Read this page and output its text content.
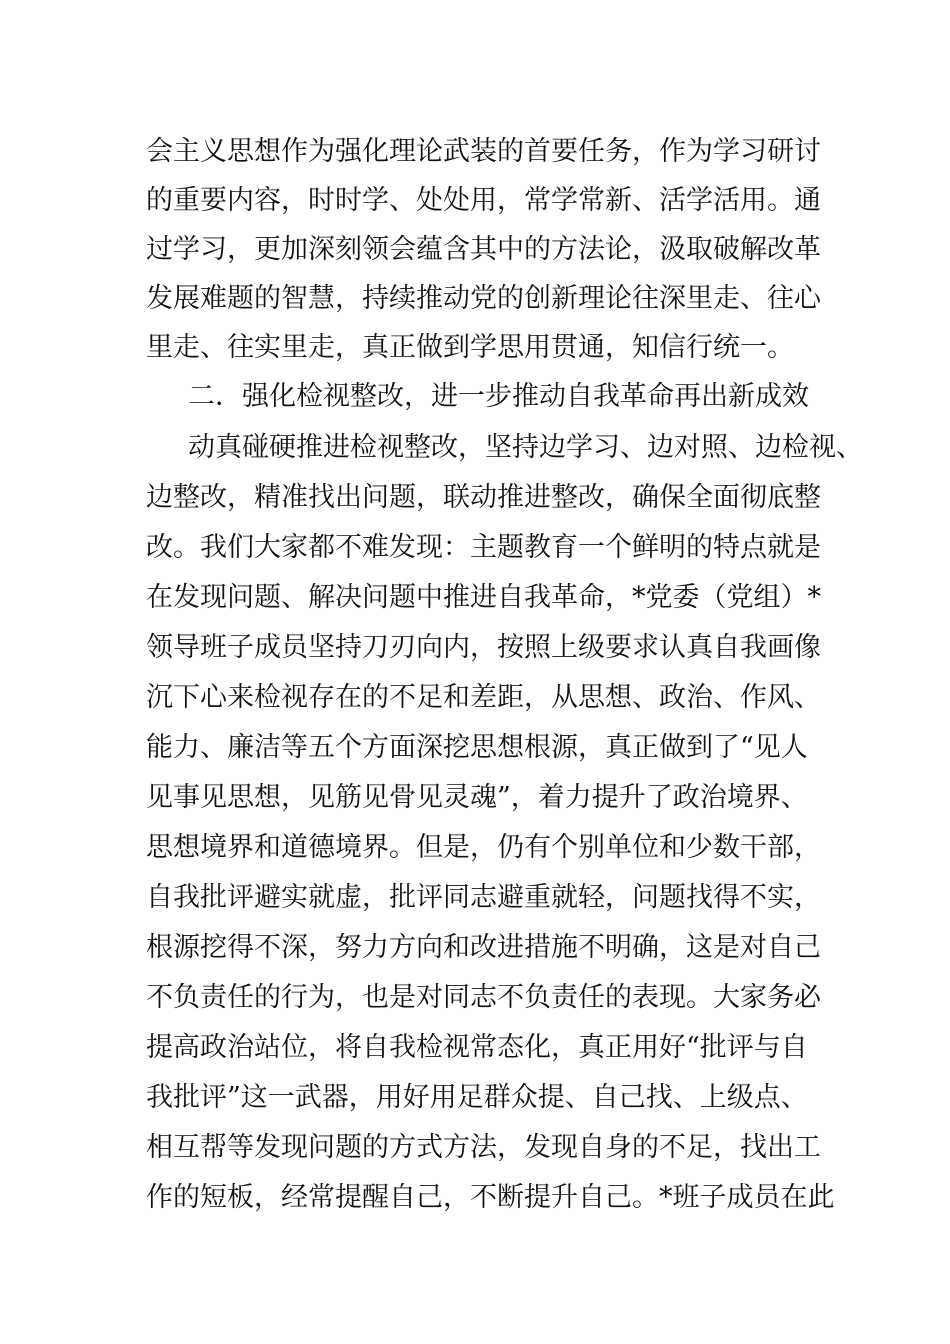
会主义思想作为强化理论武装的首要任务，作为学习研讨
的重要内容，时时学、处处用，常学常新、活学活用。通
过学习，更加深刻领会蕴含其中的方法论，汲取破解改革
发展难题的智慧，持续推动党的创新理论往深里走、往心
里走、往实里走，真正做到学思用贯通，知信行统一。
二．强化检视整改，进一步推动自我革命再出新成效
动真碰硬推进检视整改，坚持边学习、边对照、边检视、
边整改，精准找出问题，联动推进整改，确保全面彻底整
改。我们大家都不难发现：主题教育一个鲜明的特点就是
在发现问题、解决问题中推进自我革命，*党委（党组）*
领导班子成员坚持刀刃向内，按照上级要求认真自我画像
沉下心来检视存在的不足和差距，从思想、政治、作风、
能力、廉洁等五个方面深挖思想根源，真正做到了“见人
见事见思想，见筋见骨见灵魂”，着力提升了政治境界、
思想境界和道德境界。但是，仍有个别单位和少数干部，
自我批评避实就虚，批评同志避重就轻，问题找得不实，
根源挖得不深，努力方向和改进措施不明确，这是对自己
不负责任的行为，也是对同志不负责任的表现。大家务必
提高政治站位，将自我检视常态化，真正用好“批评与自
我批评”这一武器，用好用足群众提、自己找、上级点、
相互帮等发现问题的方式方法，发现自身的不足，找出工
作的短板，经常提醒自己，不断提升自己。*班子成员在此
